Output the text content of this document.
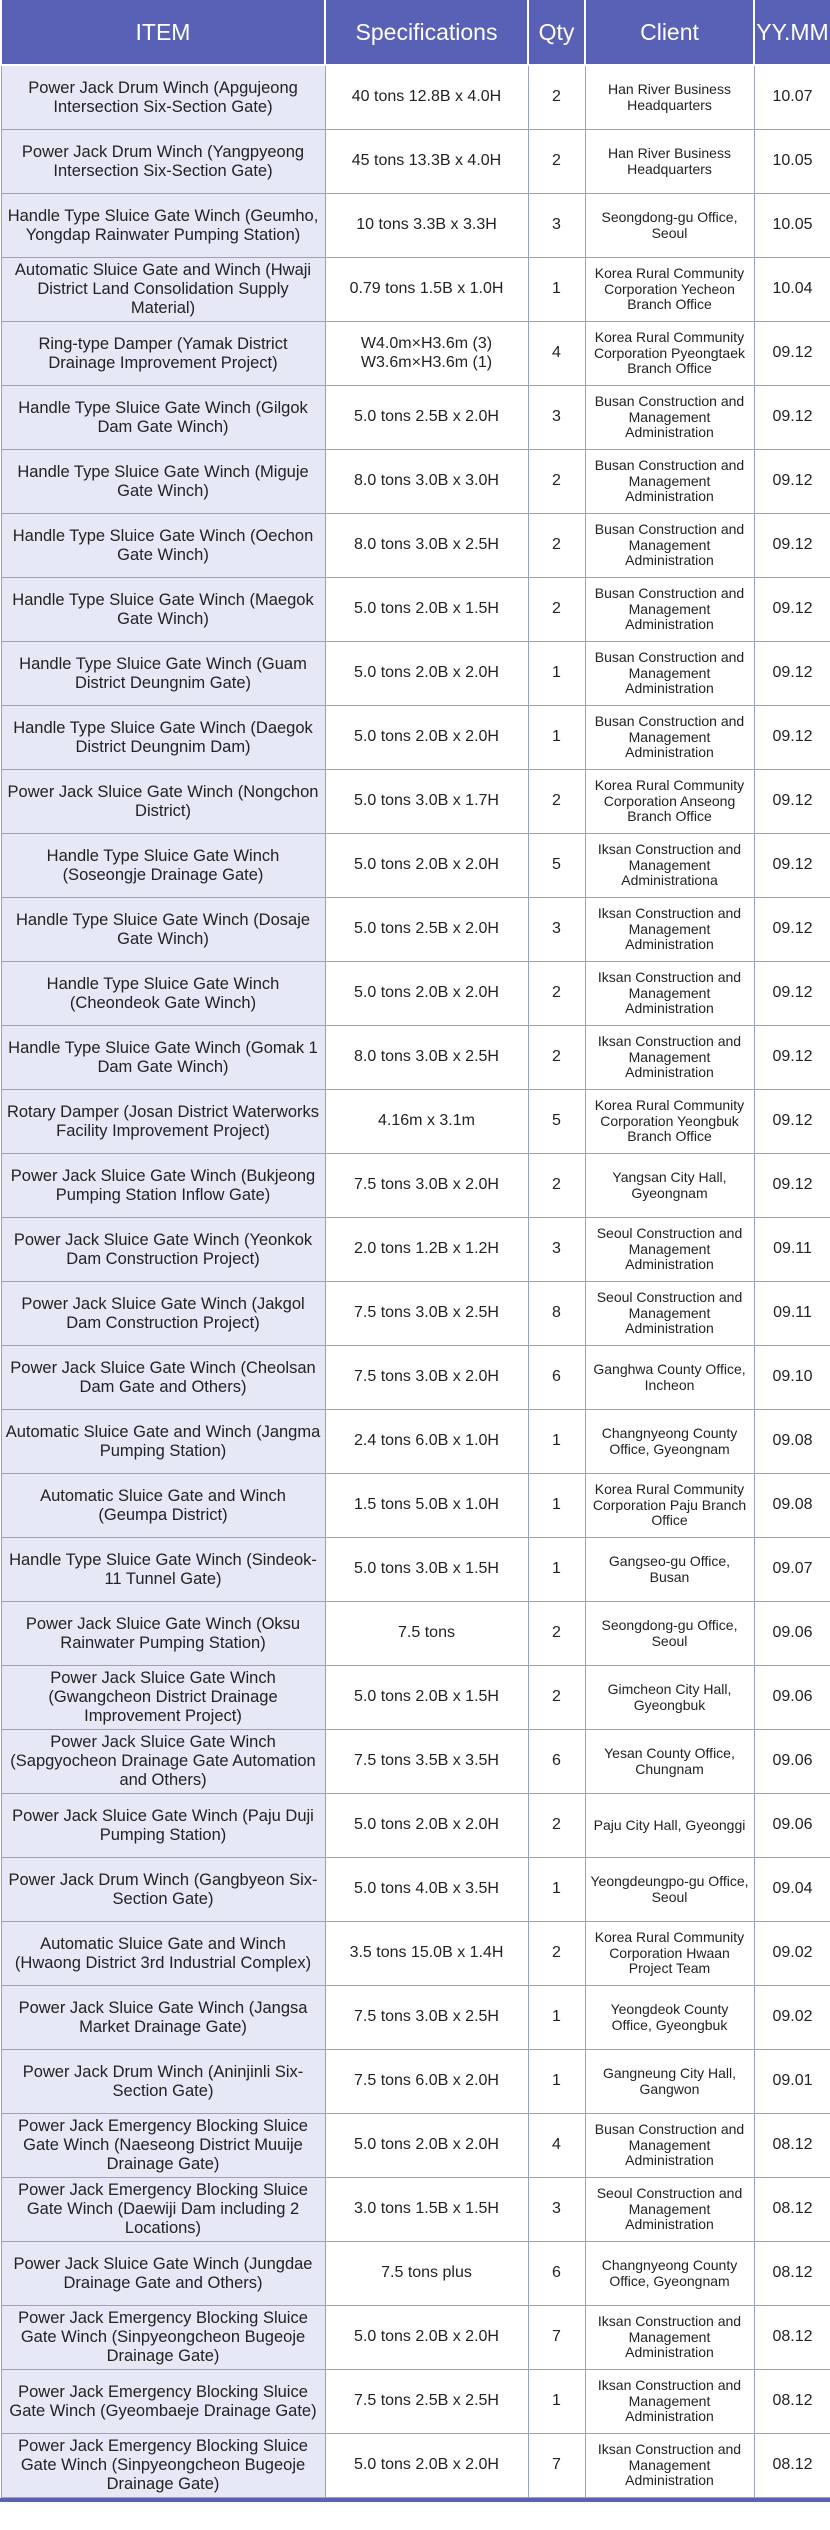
ITEM	Specifications	Qty	Client	YY.MM
Power Jack Drum Winch (Apgujeong Intersection Six-Section Gate)	40 tons 12.8B x 4.0H	2	Han River Business Headquarters	10.07
Power Jack Drum Winch (Yangpyeong Intersection Six-Section Gate)	45 tons 13.3B x 4.0H	2	Han River Business Headquarters	10.05
Handle Type Sluice Gate Winch (Geumho, Yongdap Rainwater Pumping Station)	10 tons 3.3B x 3.3H	3	Seongdong-gu Office, Seoul	10.05
Automatic Sluice Gate and Winch (Hwaji District Land Consolidation Supply Material)	0.79 tons 1.5B x 1.0H	1	Korea Rural Community Corporation Yecheon Branch Office	10.04
Ring-type Damper (Yamak District Drainage Improvement Project)	W4.0m×H3.6m (3) W3.6m×H3.6m (1)	4	Korea Rural Community Corporation Pyeongtaek Branch Office	09.12
Handle Type Sluice Gate Winch (Gilgok Dam Gate Winch)	5.0 tons 2.5B x 2.0H	3	Busan Construction and Management Administration	09.12
Handle Type Sluice Gate Winch (Miguje Gate Winch)	8.0 tons 3.0B x 3.0H	2	Busan Construction and Management Administration	09.12
Handle Type Sluice Gate Winch (Oechon Gate Winch)	8.0 tons 3.0B x 2.5H	2	Busan Construction and Management Administration	09.12
Handle Type Sluice Gate Winch (Maegok Gate Winch)	5.0 tons 2.0B x 1.5H	2	Busan Construction and Management Administration	09.12
Handle Type Sluice Gate Winch (Guam District Deungnim Gate)	5.0 tons 2.0B x 2.0H	1	Busan Construction and Management Administration	09.12
Handle Type Sluice Gate Winch (Daegok District Deungnim Dam)	5.0 tons 2.0B x 2.0H	1	Busan Construction and Management Administration	09.12
Power Jack Sluice Gate Winch (Nongchon District)	5.0 tons 3.0B x 1.7H	2	Korea Rural Community Corporation Anseong Branch Office	09.12
Handle Type Sluice Gate Winch (Soseongje Drainage Gate)	5.0 tons 2.0B x 2.0H	5	Iksan Construction and Management Administrationa	09.12
Handle Type Sluice Gate Winch (Dosaje Gate Winch)	5.0 tons 2.5B x 2.0H	3	Iksan Construction and Management Administration	09.12
Handle Type Sluice Gate Winch (Cheondeok Gate Winch)	5.0 tons 2.0B x 2.0H	2	Iksan Construction and Management Administration	09.12
Handle Type Sluice Gate Winch (Gomak 1 Dam Gate Winch)	8.0 tons 3.0B x 2.5H	2	Iksan Construction and Management Administration	09.12
Rotary Damper (Josan District Waterworks Facility Improvement Project)	4.16m x 3.1m	5	Korea Rural Community Corporation Yeongbuk Branch Office	09.12
Power Jack Sluice Gate Winch (Bukjeong Pumping Station Inflow Gate)	7.5 tons 3.0B x 2.0H	2	Yangsan City Hall, Gyeongnam	09.12
Power Jack Sluice Gate Winch (Yeonkok Dam Construction Project)	2.0 tons 1.2B x 1.2H	3	Seoul Construction and Management Administration	09.11
Power Jack Sluice Gate Winch (Jakgol Dam Construction Project)	7.5 tons 3.0B x 2.5H	8	Seoul Construction and Management Administration	09.11
Power Jack Sluice Gate Winch (Cheolsan Dam Gate and Others)	7.5 tons 3.0B x 2.0H	6	Ganghwa County Office, Incheon	09.10
Automatic Sluice Gate and Winch (Jangma Pumping Station)	2.4 tons 6.0B x 1.0H	1	Changnyeong County Office, Gyeongnam	09.08
Automatic Sluice Gate and Winch (Geumpa District)	1.5 tons 5.0B x 1.0H	1	Korea Rural Community Corporation Paju Branch Office	09.08
Handle Type Sluice Gate Winch (Sindeok-11 Tunnel Gate)	5.0 tons 3.0B x 1.5H	1	Gangseo-gu Office, Busan	09.07
Power Jack Sluice Gate Winch (Oksu Rainwater Pumping Station)	7.5 tons	2	Seongdong-gu Office, Seoul	09.06
Power Jack Sluice Gate Winch (Gwangcheon District Drainage Improvement Project)	5.0 tons 2.0B x 1.5H	2	Gimcheon City Hall, Gyeongbuk	09.06
Power Jack Sluice Gate Winch (Sapgyocheon Drainage Gate Automation and Others)	7.5 tons 3.5B x 3.5H	6	Yesan County Office, Chungnam	09.06
Power Jack Sluice Gate Winch (Paju Duji Pumping Station)	5.0 tons 2.0B x 2.0H	2	Paju City Hall, Gyeonggi	09.06
Power Jack Drum Winch (Gangbyeon Six-Section Gate)	5.0 tons 4.0B x 3.5H	1	Yeongdeungpo-gu Office, Seoul	09.04
Automatic Sluice Gate and Winch (Hwaong District 3rd Industrial Complex)	3.5 tons 15.0B x 1.4H	2	Korea Rural Community Corporation Hwaan Project Team	09.02
Power Jack Sluice Gate Winch (Jangsa Market Drainage Gate)	7.5 tons 3.0B x 2.5H	1	Yeongdeok County Office, Gyeongbuk	09.02
Power Jack Drum Winch (Aninjinli Six-Section Gate)	7.5 tons 6.0B x 2.0H	1	Gangneung City Hall, Gangwon	09.01
Power Jack Emergency Blocking Sluice Gate Winch (Naeseong District Muuije Drainage Gate)	5.0 tons 2.0B x 2.0H	4	Busan Construction and Management Administration	08.12
Power Jack Emergency Blocking Sluice Gate Winch (Daewiji Dam including 2 Locations)	3.0 tons 1.5B x 1.5H	3	Seoul Construction and Management Administration	08.12
Power Jack Sluice Gate Winch (Jungdae Drainage Gate and Others)	7.5 tons plus	6	Changnyeong County Office, Gyeongnam	08.12
Power Jack Emergency Blocking Sluice Gate Winch (Sinpyeongcheon Bugeoje Drainage Gate)	5.0 tons 2.0B x 2.0H	7	Iksan Construction and Management Administration	08.12
Power Jack Emergency Blocking Sluice Gate Winch (Gyeombaeje Drainage Gate)	7.5 tons 2.5B x 2.5H	1	Iksan Construction and Management Administration	08.12
Power Jack Emergency Blocking Sluice Gate Winch (Sinpyeongcheon Bugeoje Drainage Gate)	5.0 tons 2.0B x 2.0H	7	Iksan Construction and Management Administration	08.12
